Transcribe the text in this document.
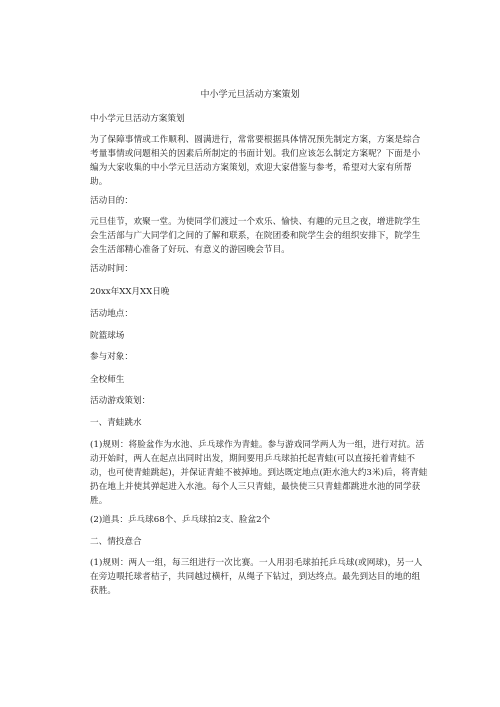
中小学元旦活动方案策划

中小学元旦活动方案策划

为了保障事情或工作顺利、圆满进行，常常要根据具体情况预先制定方案，方案是综合考量事情或问题相关的因素后所制定的书面计划。我们应该怎么制定方案呢？下面是小编为大家收集的中小学元旦活动方案策划，欢迎大家借鉴与参考，希望对大家有所帮助。

活动目的：

元旦佳节，欢聚一堂。为使同学们渡过一个欢乐、愉快、有趣的元旦之夜，增进院学生会生活部与广大同学们之间的了解和联系，在院团委和院学生会的组织安排下，院学生会生活部精心准备了好玩、有意义的游园晚会节目。

活动时间：

20xx年XX月XX日晚

活动地点：

院篮球场

参与对象：

全校师生

活动游戏策划：

一、青蛙跳水

(1)规则：将脸盆作为水池、乒乓球作为青蛙。参与游戏同学两人为一组，进行对抗。活动开始时，两人在起点出同时出发，期间要用乒乓球拍托起青蛙(可以直接托着青蛙不动，也可使青蛙跳起)，并保证青蛙不被掉地。到达既定地点(距水池大约3米)后，将青蛙扔在地上并使其弹起进入水池。每个人三只青蛙，最快使三只青蛙都跳进水池的同学获胜。

(2)道具：乒乓球68个、乒乓球拍2支、脸盆2个

二、情投意合

(1)规则：两人一组，每三组进行一次比赛。一人用羽毛球拍托乒乓球(或网球)，另一人在旁边喂托球者桔子，共同越过横杆，从绳子下钻过，到达终点。最先到达目的地的组获胜。
